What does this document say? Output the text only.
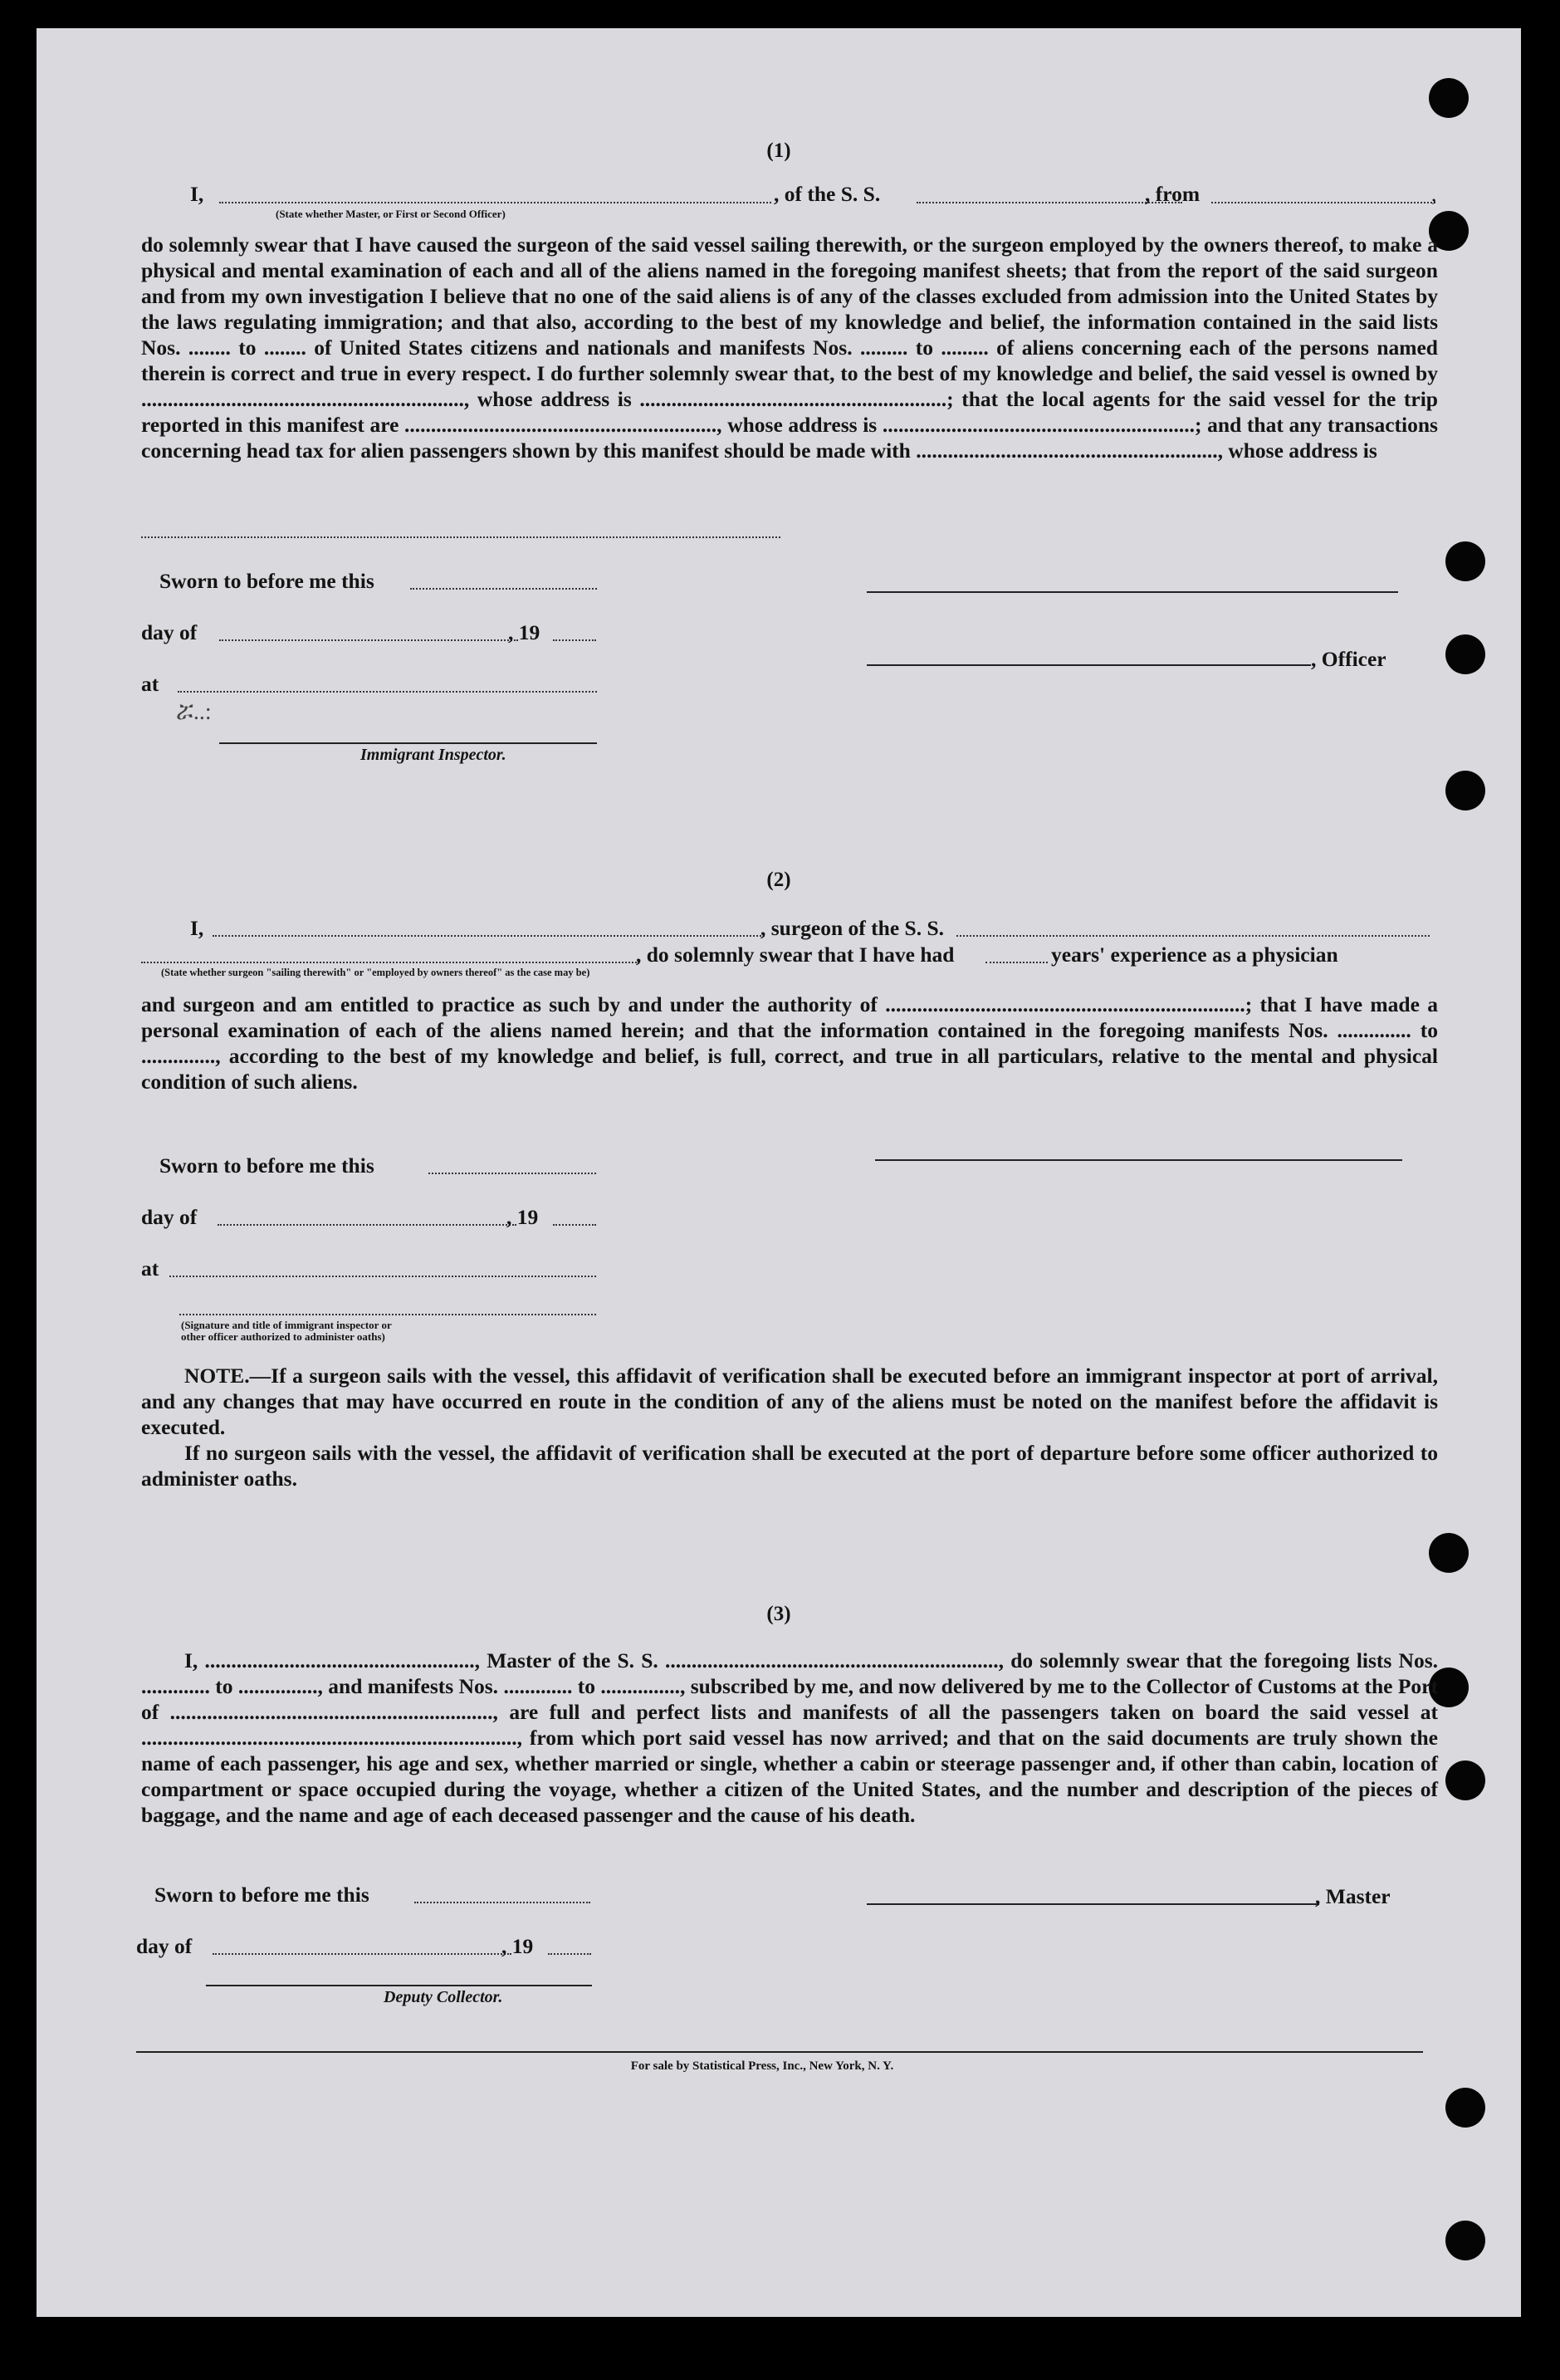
(1)
I,	, of the S. S.	, from	,
(State whether Master, or First or Second Officer)

do solemnly swear that I have caused the surgeon of the said vessel sailing therewith, or the surgeon employed by the owners thereof, to make a physical and mental examination of each and all of the aliens named in the foregoing manifest sheets; that from the report of the said surgeon and from my own investigation I believe that no one of the said aliens is of any of the classes excluded from admission into the United States by the laws regulating immigration; and that also, according to the best of my knowledge and belief, the information contained in the said lists Nos. ........ to ........ of United States citizens and nationals and manifests Nos. ......... to ......... of aliens concerning each of the persons named therein is correct and true in every respect. I do further solemnly swear that, to the best of my knowledge and belief, the said vessel is owned by ............................................................., whose address is ..........................................................; that the local agents for the said vessel for the trip reported in this manifest are ..........................................................., whose address is ...........................................................; and that any transactions concerning head tax for alien passengers shown by this manifest should be made with ........................................................., whose address is

Sworn to before me this
day of	, 19
, Officer
at
ሯ..:
Immigrant Inspector.
(2)
I,	, surgeon of the S. S.
, do solemnly swear that I have had	years' experience as a physician
(State whether surgeon "sailing therewith" or "employed by owners thereof" as the case may be)

and surgeon and am entitled to practice as such by and under the authority of ....................................................................; that I have made a personal examination of each of the aliens named herein; and that the information contained in the foregoing manifests Nos. .............. to .............., according to the best of my knowledge and belief, is full, correct, and true in all particulars, relative to the mental and physical condition of such aliens.

Sworn to before me this
day of	, 19
at
(Signature and title of immigrant inspector or
other officer authorized to administer oaths)

NOTE.—If a surgeon sails with the vessel, this affidavit of verification shall be executed before an immigrant inspector at port of arrival, and any changes that may have occurred en route in the condition of any of the aliens must be noted on the manifest before the affidavit is executed.

If no surgeon sails with the vessel, the affidavit of verification shall be executed at the port of departure before some officer authorized to administer oaths.

(3)

I, ..................................................., Master of the S. S. ..............................................................., do solemnly swear that the foregoing lists Nos. ............. to ..............., and manifests Nos. ............. to ..............., subscribed by me, and now delivered by me to the Collector of Customs at the Port of ............................................................., are full and perfect lists and manifests of all the passengers taken on board the said vessel at ......................................................................., from which port said vessel has now arrived; and that on the said documents are truly shown the name of each passenger, his age and sex, whether married or single, whether a cabin or steerage passenger and, if other than cabin, location of compartment or space occupied during the voyage, whether a citizen of the United States, and the number and description of the pieces of baggage, and the name and age of each deceased passenger and the cause of his death.

Sworn to before me this	, Master
day of	, 19
Deputy Collector.
For sale by Statistical Press, Inc., New York, N. Y.
